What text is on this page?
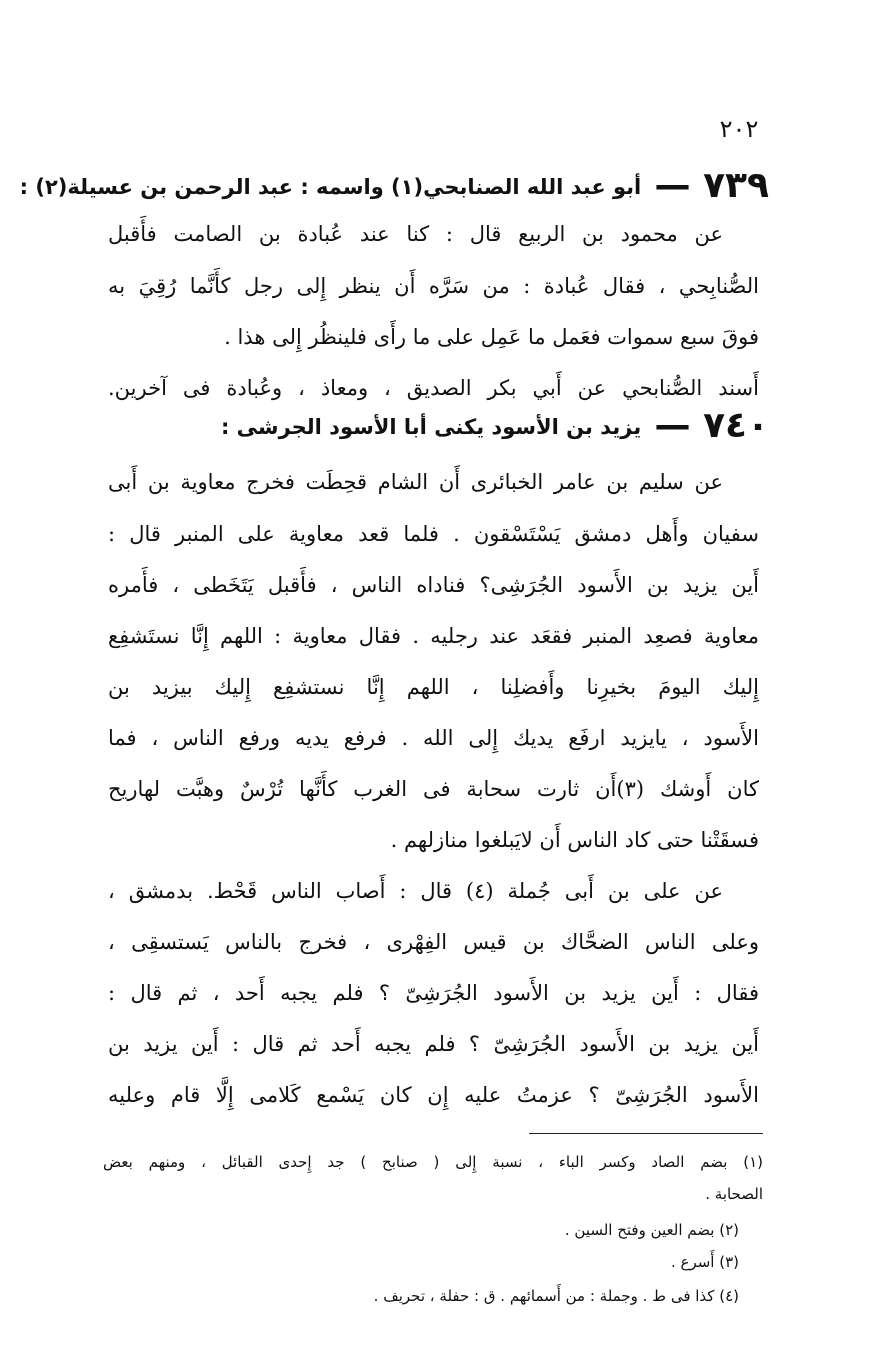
٢٠٢
٧٣٩ — أبو عبد الله الصنابحي(١) واسمه : عبد الرحمن بن عسيلة(٢) :
عن محمود بن الربيع قال : كنا عند عُبادة بن الصامت فأَقبل
الصُّنابِحي ، فقال عُبادة : من سَرَّه أَن ينظر إِلى رجل كأَنَّما رُقِيَ به
فوقَ سبع سموات فعَمل ما عَمِل على ما رأَى فلينظُر إِلى هذا .
أَسند الصُّنابحي عن أَبي بكر الصديق ، ومعاذ ، وعُبادة فى آخرين.
٧٤٠ — يزيد بن الأسود يكنى أبا الأسود الجرشى :
عن سليم بن عامر الخبائرى أَن الشام قحِطَت فخرج معاوية بن أَبى
سفيان وأَهل دمشق يَسْتَسْقون . فلما قعد معاوية على المنبر قال :
أَين يزيد بن الأَسود الجُرَشِى؟ فناداه الناس ، فأَقبل يَتَخَطى ، فأَمره
معاوية فصعِد المنبر فقعَد عند رجليه . فقال معاوية : اللهم إِنَّا نستَشفِع
إِليك اليومَ بخيرِنا وأَفضلِنا ، اللهم إِنَّا نستشفِع إِليك بيزيد بن
الأَسود ، يايزيد ارفَع يديك إِلى الله . فرفع يديه ورفع الناس ، فما
كان أَوشك (٣)أَن ثارت سحابة فى الغرب كأَنَّها تُرْسٌ وهبَّت لهاريح
فسقَتْنا حتى كاد الناس أَن لايَبلغوا منازلهم .
عن على بن أَبى جُملة (٤) قال : أَصاب الناس قَحْط. بدمشق ،
وعلى الناس الضحَّاك بن قيس الفِهْرى ، فخرج بالناس يَستسقِى ،
فقال : أَين يزيد بن الأَسود الجُرَشِىّ ؟ فلم يجبه أَحد ، ثم قال :
أَين يزيد بن الأَسود الجُرَشِىّ ؟ فلم يجبه أَحد ثم قال : أَين يزيد بن
الأَسود الجُرَشِىّ ؟ عزمتُ عليه إِن كان يَسْمع كَلامى إِلَّا قام وعليه
(١) بضم الصاد وكسر الباء ، نسبة إِلى ( صنابح ) جد إِحدى القبائل ، ومنهم بعض
الصحابة .
(٢) بضم العين وفتح السين .
(٣) أَسرع .
(٤) كذا فى ط . وجملة : من أَسمائهم . ق : حفلة ، تحريف .
